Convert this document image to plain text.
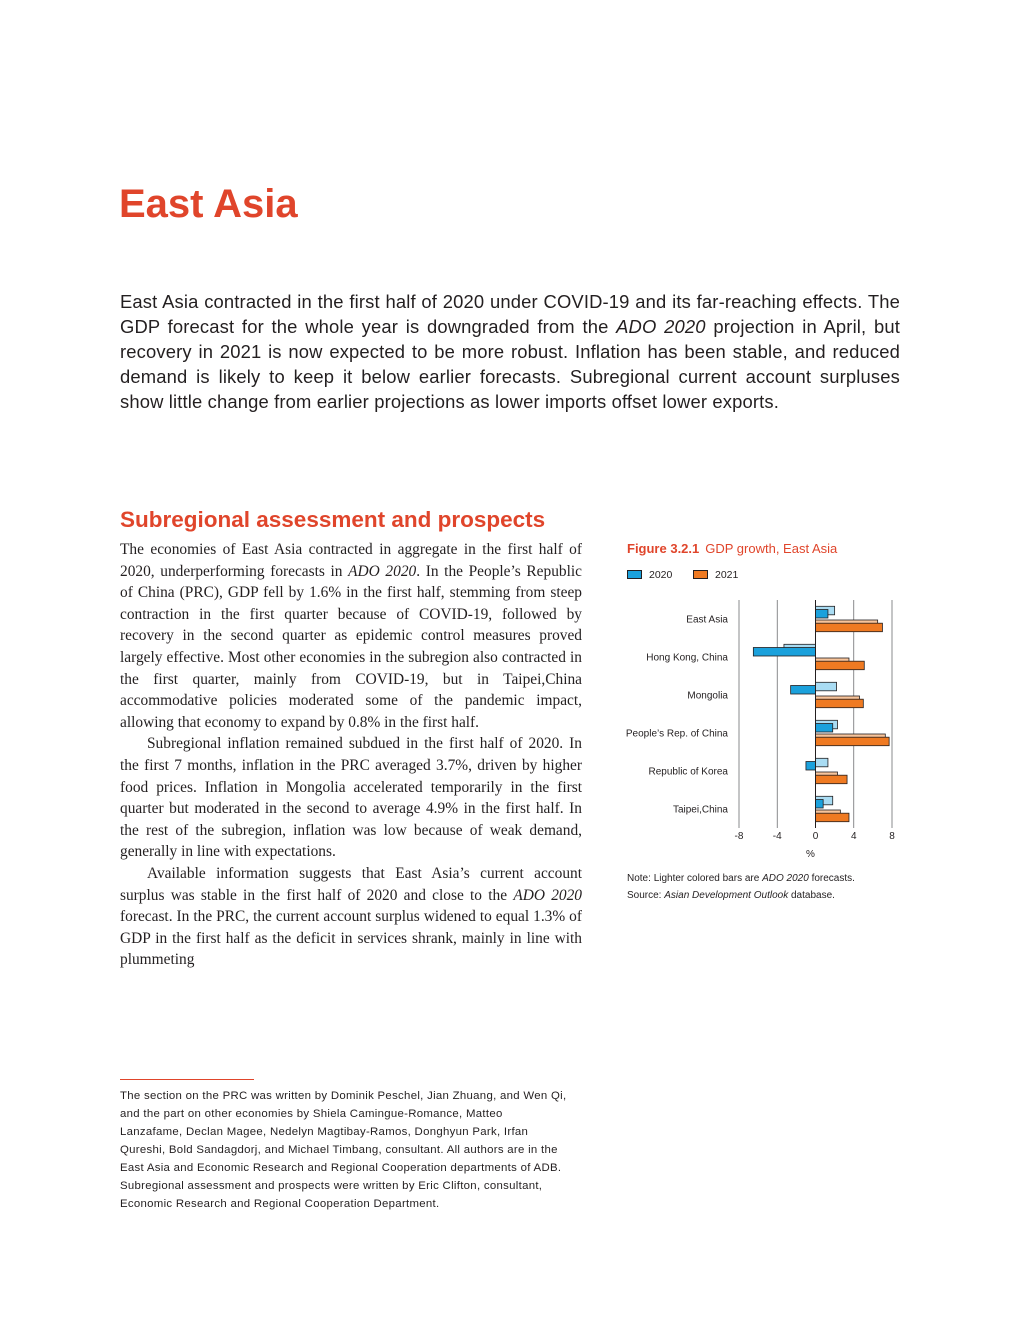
East Asia

East Asia contracted in the first half of 2020 under COVID-19 and its far-reaching effects. The GDP forecast for the whole year is downgraded from the ADO 2020 projection in April, but recovery in 2021 is now expected to be more robust. Inflation has been stable, and reduced demand is likely to keep it below earlier forecasts. Subregional current account surpluses show little change from earlier projections as lower imports offset lower exports.

Subregional assessment and prospects

The economies of East Asia contracted in aggregate in the first half of 2020, underperforming forecasts in ADO 2020. In the People’s Republic of China (PRC), GDP fell by 1.6% in the first half, stemming from steep contraction in the first quarter because of COVID-19, followed by recovery in the second quarter as epidemic control measures proved largely effective. Most other economies in the subregion also contracted in the first quarter, mainly from COVID-19, but in Taipei,China accommodative policies moderated some of the pandemic impact, allowing that economy to expand by 0.8% in the first half.

Subregional inflation remained subdued in the first half of 2020. In the first 7 months, inflation in the PRC averaged 3.7%, driven by higher food prices. Inflation in Mongolia accelerated temporarily in the first quarter but moderated in the second to average 4.9% in the first half. In the rest of the subregion, inflation was low because of weak demand, generally in line with expectations.

Available information suggests that East Asia’s current account surplus was stable in the first half of 2020 and close to the ADO 2020 forecast. In the PRC, the current account surplus widened to equal 1.3% of GDP in the first half as the deficit in services shrank, mainly in line with plummeting

The section on the PRC was written by Dominik Peschel, Jian Zhuang, and Wen Qi, and the part on other economies by Shiela Camingue-Romance, Matteo Lanzafame, Declan Magee, Nedelyn Magtibay-Ramos, Donghyun Park, Irfan Qureshi, Bold Sandagdorj, and Michael Timbang, consultant. All authors are in the East Asia and Economic Research and Regional Cooperation departments of ADB. Subregional assessment and prospects were written by Eric Clifton, consultant, Economic Research and Regional Cooperation Department.

Figure 3.2.1 GDP growth, East Asia
2020	2021
East Asia
Hong Kong, China
Mongolia
People’s Rep. of China
Republic of Korea
Taipei,China
-8	-4	0	4	8
%

Note: Lighter colored bars are ADO 2020 forecasts.

Source: Asian Development Outlook database.
